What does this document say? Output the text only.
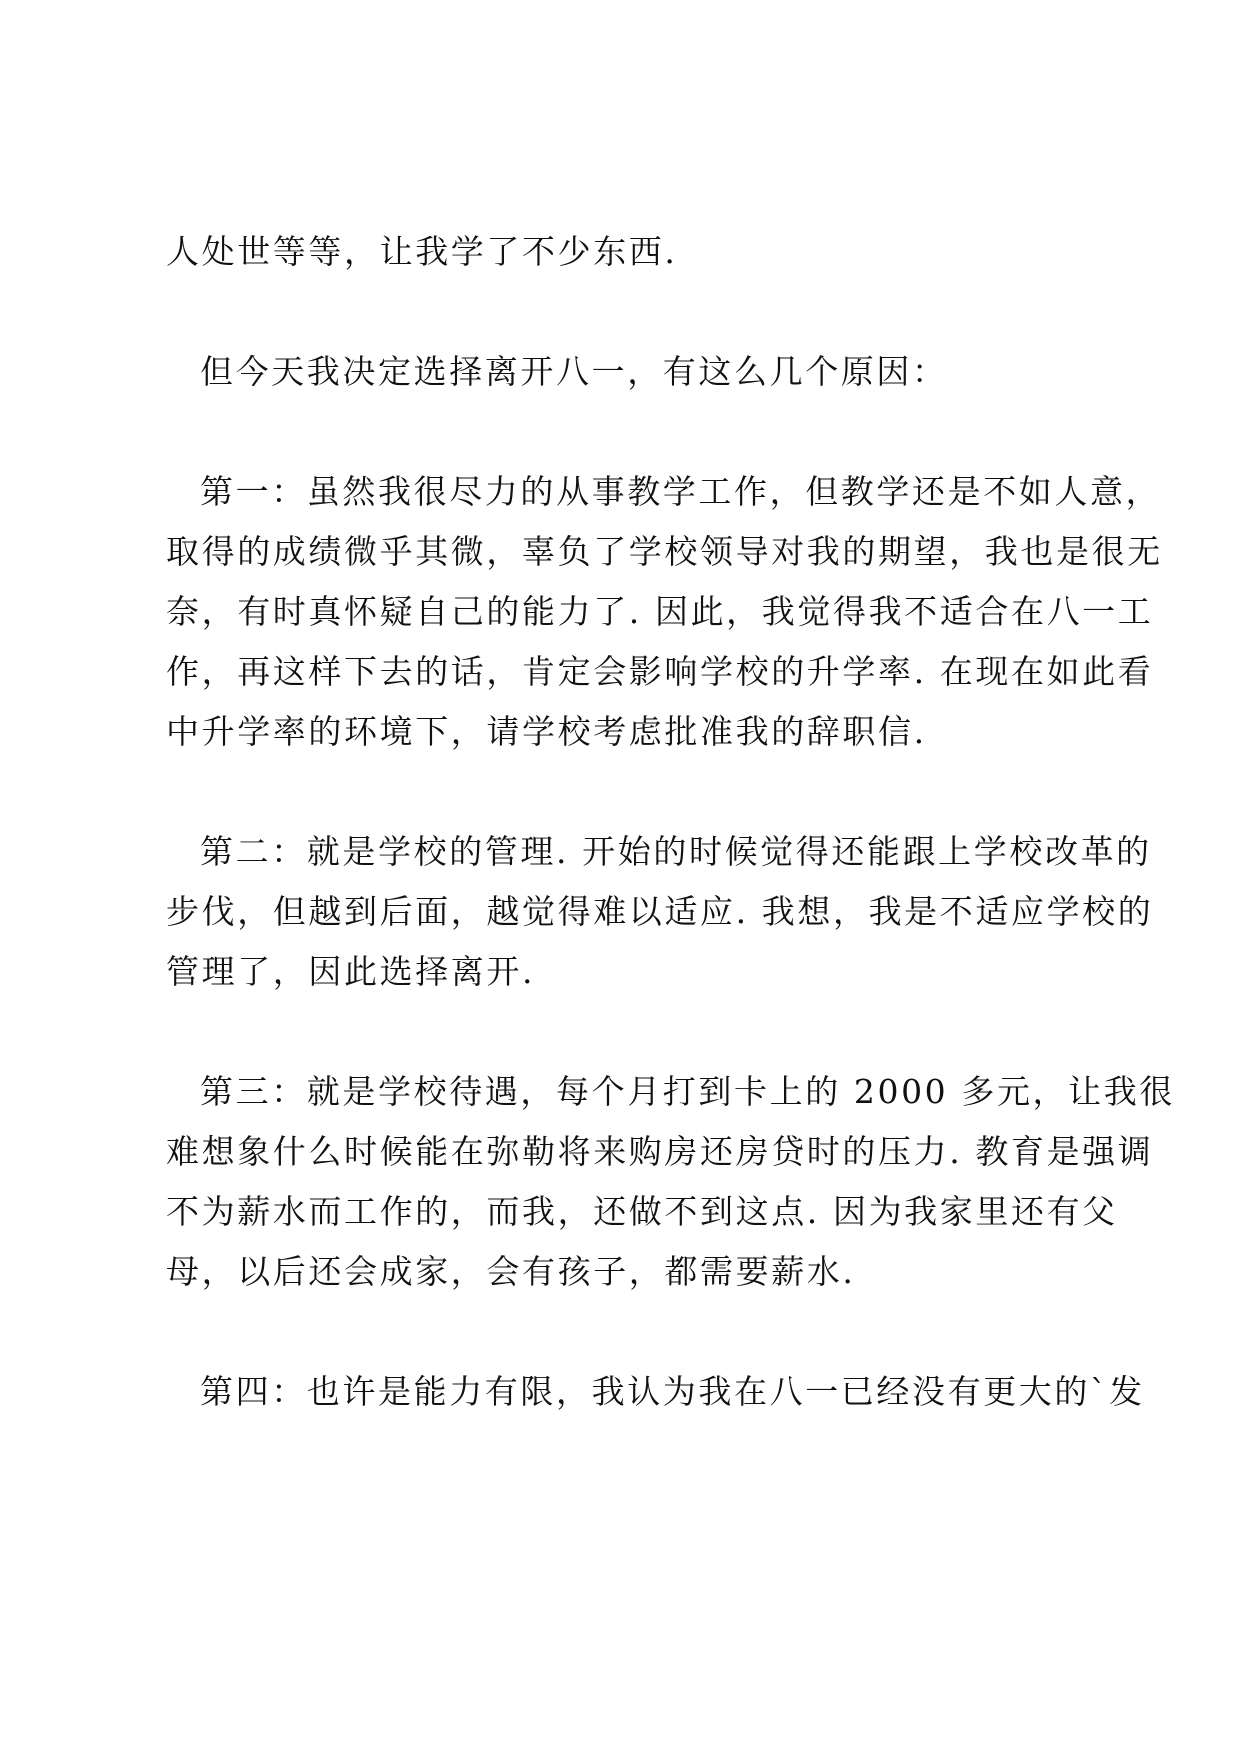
人处世等等，让我学了不少东西.
但今天我决定选择离开八一，有这么几个原因：
第一：虽然我很尽力的从事教学工作，但教学还是不如人意，
取得的成绩微乎其微，辜负了学校领导对我的期望，我也是很无
奈，有时真怀疑自己的能力了. 因此，我觉得我不适合在八一工
作，再这样下去的话，肯定会影响学校的升学率. 在现在如此看
中升学率的环境下，请学校考虑批准我的辞职信.
第二：就是学校的管理. 开始的时候觉得还能跟上学校改革的
步伐，但越到后面，越觉得难以适应. 我想，我是不适应学校的
管理了，因此选择离开.
第三：就是学校待遇，每个月打到卡上的 2000 多元，让我很
难想象什么时候能在弥勒将来购房还房贷时的压力. 教育是强调
不为薪水而工作的，而我，还做不到这点. 因为我家里还有父
母，以后还会成家，会有孩子，都需要薪水.
第四：也许是能力有限，我认为我在八一已经没有更大的`发
